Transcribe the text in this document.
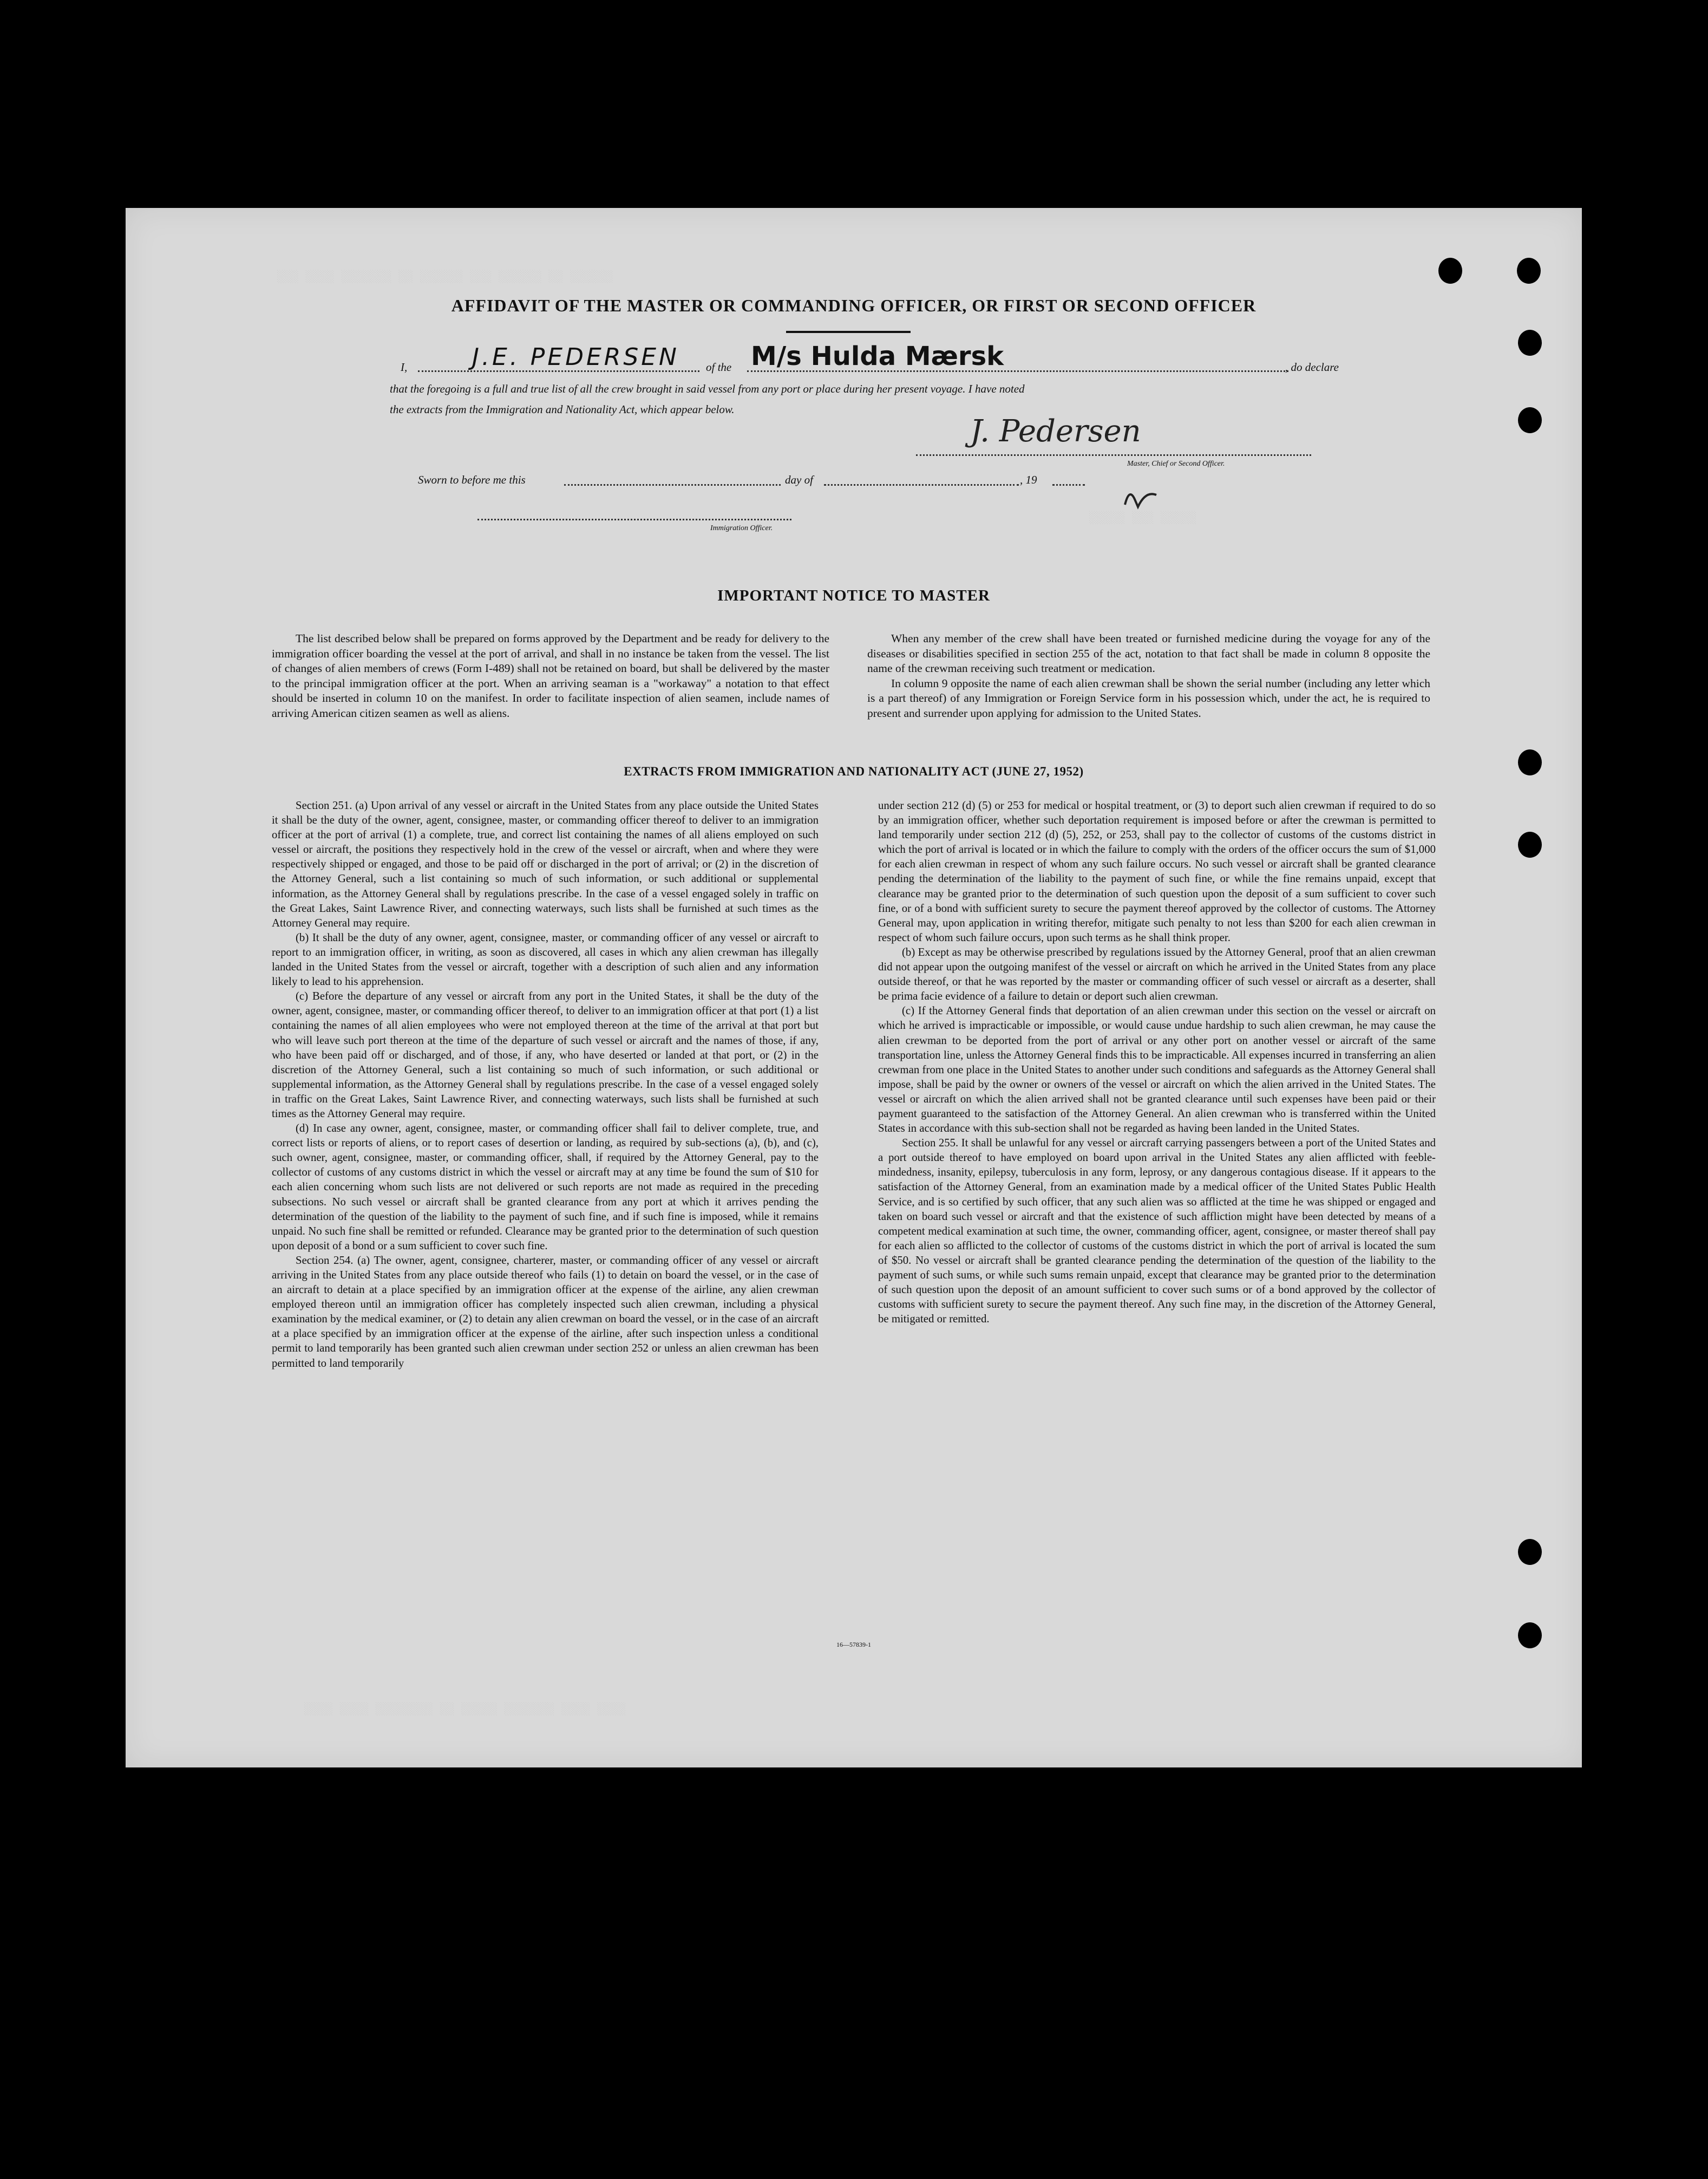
░░░ ░░░░ ░░░░░░░ ░░ ░░░░░░ ░░░ ░░░░░░ ░░ ░░░░░░
░░░░░ ░░░ ░░░░░
░░░░ ░░░░ ░░░░░░░░ ░░ ░░░░░ ░░░░░░░ ░░░░ ░░░░
AFFIDAVIT OF THE MASTER OR COMMANDING OFFICER, OR FIRST OR SECOND OFFICER
I,	J.E. PEDERSEN of the M/s Hulda Mærsk	, do declare
that the foregoing is a full and true list of all the crew brought in said vessel from any port or place during her present voyage. I have noted
the extracts from the Immigration and Nationality Act, which appear below.
J. Pedersen
Master, Chief or Second Officer.
Sworn to before me this	day of	, 19
Immigration Officer.
IMPORTANT NOTICE TO MASTER

The list described below shall be prepared on forms approved by the Department and be ready for delivery to the immigration officer boarding the vessel at the port of arrival, and shall in no instance be taken from the vessel. The list of changes of alien members of crews (Form I-489) shall not be retained on board, but shall be delivered by the master to the principal immigration officer at the port. When an arriving seaman is a "workaway" a notation to that effect should be inserted in column 10 on the manifest. In order to facilitate inspection of alien seamen, include names of arriving American citizen seamen as well as aliens.

When any member of the crew shall have been treated or furnished medicine during the voyage for any of the diseases or disabilities specified in section 255 of the act, notation to that fact shall be made in column 8 opposite the name of the crewman receiving such treatment or medication.

In column 9 opposite the name of each alien crewman shall be shown the serial number (including any letter which is a part thereof) of any Immigration or Foreign Service form in his possession which, under the act, he is required to present and surrender upon applying for admission to the United States.

EXTRACTS FROM IMMIGRATION AND NATIONALITY ACT (JUNE 27, 1952)

Section 251. (a) Upon arrival of any vessel or aircraft in the United States from any place outside the United States it shall be the duty of the owner, agent, consignee, master, or commanding officer thereof to deliver to an immigration officer at the port of arrival (1) a complete, true, and correct list containing the names of all aliens employed on such vessel or aircraft, the positions they respectively hold in the crew of the vessel or aircraft, when and where they were respectively shipped or engaged, and those to be paid off or discharged in the port of arrival; or (2) in the discretion of the Attorney General, such a list containing so much of such information, or such additional or supplemental information, as the Attorney General shall by regulations prescribe. In the case of a vessel engaged solely in traffic on the Great Lakes, Saint Lawrence River, and connecting waterways, such lists shall be furnished at such times as the Attorney General may require.

(b) It shall be the duty of any owner, agent, consignee, master, or commanding officer of any vessel or aircraft to report to an immigration officer, in writing, as soon as discovered, all cases in which any alien crewman has illegally landed in the United States from the vessel or aircraft, together with a description of such alien and any information likely to lead to his apprehension.

(c) Before the departure of any vessel or aircraft from any port in the United States, it shall be the duty of the owner, agent, consignee, master, or commanding officer thereof, to deliver to an immigration officer at that port (1) a list containing the names of all alien employees who were not employed thereon at the time of the arrival at that port but who will leave such port thereon at the time of the departure of such vessel or aircraft and the names of those, if any, who have been paid off or discharged, and of those, if any, who have deserted or landed at that port, or (2) in the discretion of the Attorney General, such a list containing so much of such information, or such additional or supplemental information, as the Attorney General shall by regulations prescribe. In the case of a vessel engaged solely in traffic on the Great Lakes, Saint Lawrence River, and connecting waterways, such lists shall be furnished at such times as the Attorney General may require.

(d) In case any owner, agent, consignee, master, or commanding officer shall fail to deliver complete, true, and correct lists or reports of aliens, or to report cases of desertion or landing, as required by sub-sections (a), (b), and (c), such owner, agent, consignee, master, or commanding officer, shall, if required by the Attorney General, pay to the collector of customs of any customs district in which the vessel or aircraft may at any time be found the sum of $10 for each alien concerning whom such lists are not delivered or such reports are not made as required in the preceding subsections. No such vessel or aircraft shall be granted clearance from any port at which it arrives pending the determination of the question of the liability to the payment of such fine, and if such fine is imposed, while it remains unpaid. No such fine shall be remitted or refunded. Clearance may be granted prior to the determination of such question upon deposit of a bond or a sum sufficient to cover such fine.

Section 254. (a) The owner, agent, consignee, charterer, master, or commanding officer of any vessel or aircraft arriving in the United States from any place outside thereof who fails (1) to detain on board the vessel, or in the case of an aircraft to detain at a place specified by an immigration officer at the expense of the airline, any alien crewman employed thereon until an immigration officer has completely inspected such alien crewman, including a physical examination by the medical examiner, or (2) to detain any alien crewman on board the vessel, or in the case of an aircraft at a place specified by an immigration officer at the expense of the airline, after such inspection unless a conditional permit to land temporarily has been granted such alien crewman under section 252 or unless an alien crewman has been permitted to land temporarily

under section 212 (d) (5) or 253 for medical or hospital treatment, or (3) to deport such alien crewman if required to do so by an immigration officer, whether such deportation requirement is imposed before or after the crewman is permitted to land temporarily under section 212 (d) (5), 252, or 253, shall pay to the collector of customs of the customs district in which the port of arrival is located or in which the failure to comply with the orders of the officer occurs the sum of $1,000 for each alien crewman in respect of whom any such failure occurs. No such vessel or aircraft shall be granted clearance pending the determination of the liability to the payment of such fine, or while the fine remains unpaid, except that clearance may be granted prior to the determination of such question upon the deposit of a sum sufficient to cover such fine, or of a bond with sufficient surety to secure the payment thereof approved by the collector of customs. The Attorney General may, upon application in writing therefor, mitigate such penalty to not less than $200 for each alien crewman in respect of whom such failure occurs, upon such terms as he shall think proper.

(b) Except as may be otherwise prescribed by regulations issued by the Attorney General, proof that an alien crewman did not appear upon the outgoing manifest of the vessel or aircraft on which he arrived in the United States from any place outside thereof, or that he was reported by the master or commanding officer of such vessel or aircraft as a deserter, shall be prima facie evidence of a failure to detain or deport such alien crewman.

(c) If the Attorney General finds that deportation of an alien crewman under this section on the vessel or aircraft on which he arrived is impracticable or impossible, or would cause undue hardship to such alien crewman, he may cause the alien crewman to be deported from the port of arrival or any other port on another vessel or aircraft of the same transportation line, unless the Attorney General finds this to be impracticable. All expenses incurred in transferring an alien crewman from one place in the United States to another under such conditions and safeguards as the Attorney General shall impose, shall be paid by the owner or owners of the vessel or aircraft on which the alien arrived in the United States. The vessel or aircraft on which the alien arrived shall not be granted clearance until such expenses have been paid or their payment guaranteed to the satisfaction of the Attorney General. An alien crewman who is transferred within the United States in accordance with this sub-section shall not be regarded as having been landed in the United States.

Section 255. It shall be unlawful for any vessel or aircraft carrying passengers between a port of the United States and a port outside thereof to have employed on board upon arrival in the United States any alien afflicted with feeble-mindedness, insanity, epilepsy, tuberculosis in any form, leprosy, or any dangerous contagious disease. If it appears to the satisfaction of the Attorney General, from an examination made by a medical officer of the United States Public Health Service, and is so certified by such officer, that any such alien was so afflicted at the time he was shipped or engaged and taken on board such vessel or aircraft and that the existence of such affliction might have been detected by means of a competent medical examination at such time, the owner, commanding officer, agent, consignee, or master thereof shall pay for each alien so afflicted to the collector of customs of the customs district in which the port of arrival is located the sum of $50. No vessel or aircraft shall be granted clearance pending the determination of the question of the liability to the payment of such sums, or while such sums remain unpaid, except that clearance may be granted prior to the determination of such question upon the deposit of an amount sufficient to cover such sums or of a bond approved by the collector of customs with sufficient surety to secure the payment thereof. Any such fine may, in the discretion of the Attorney General, be mitigated or remitted.

16—57839-1
